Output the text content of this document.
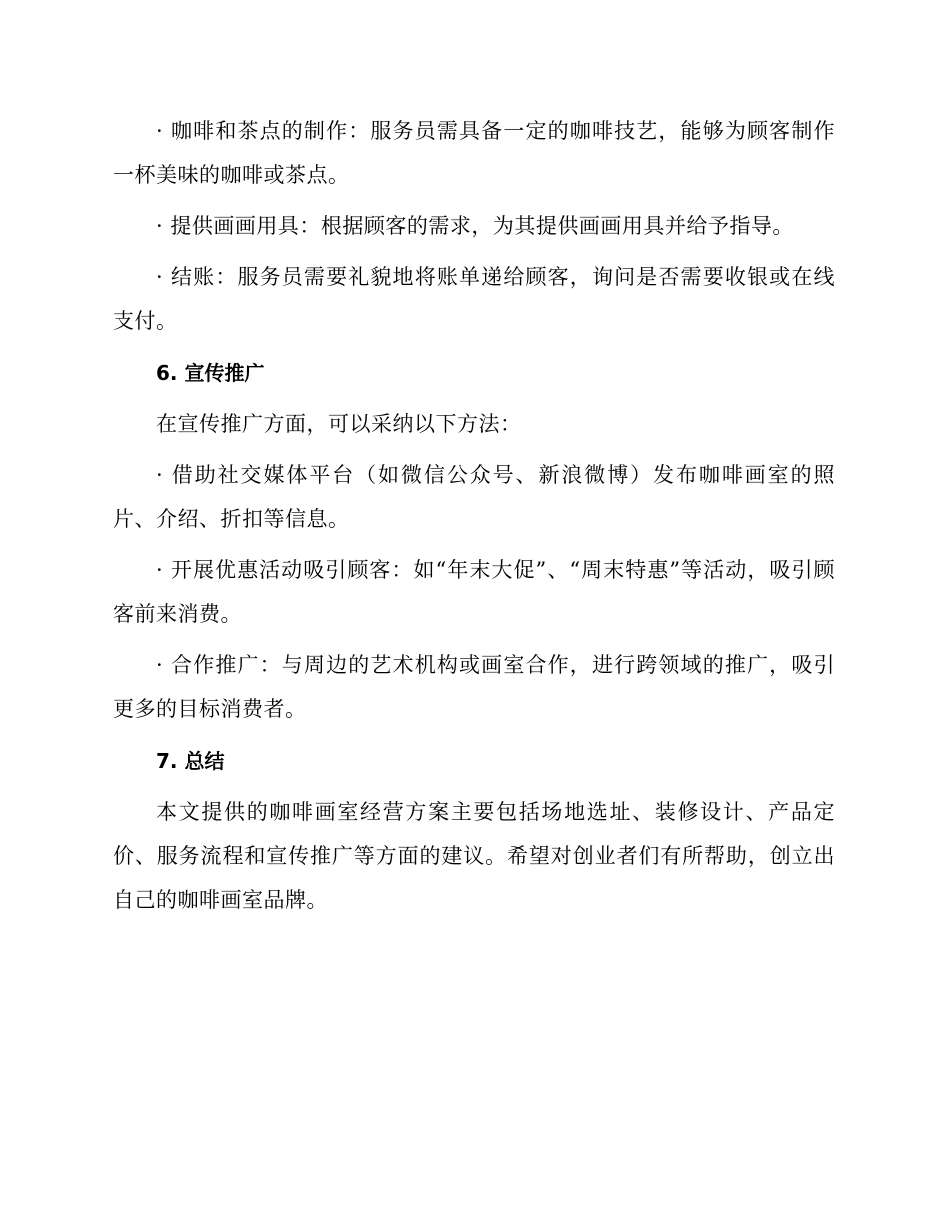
· 咖啡和茶点的制作：服务员需具备一定的咖啡技艺，能够为顾客制作一杯美味的咖啡或茶点。

· 提供画画用具：根据顾客的需求，为其提供画画用具并给予指导。

· 结账：服务员需要礼貌地将账单递给顾客，询问是否需要收银或在线支付。

6. 宣传推广

在宣传推广方面，可以采纳以下方法：

· 借助社交媒体平台（如微信公众号、新浪微博）发布咖啡画室的照片、介绍、折扣等信息。

· 开展优惠活动吸引顾客：如“年末大促”、“周末特惠”等活动，吸引顾客前来消费。

· 合作推广：与周边的艺术机构或画室合作，进行跨领域的推广，吸引更多的目标消费者。

7. 总结

本文提供的咖啡画室经营方案主要包括场地选址、装修设计、产品定价、服务流程和宣传推广等方面的建议。希望对创业者们有所帮助，创立出自己的咖啡画室品牌。
